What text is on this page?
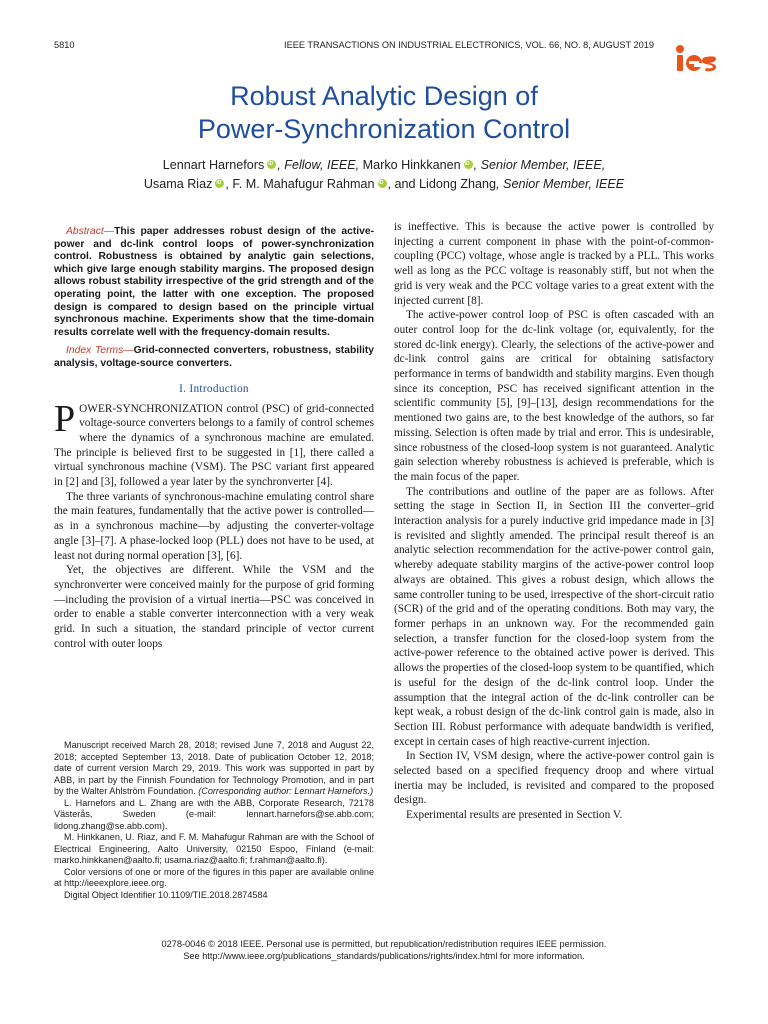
5810	IEEE TRANSACTIONS ON INDUSTRIAL ELECTRONICS, VOL. 66, NO. 8, AUGUST 2019
Robust Analytic Design of
Power-Synchronization Control
Lennart Harnefors iD , Fellow, IEEE, Marko Hinkkanen iD , Senior Member, IEEE,
Usama Riaz iD , F. M. Mahafugur Rahman iD , and Lidong Zhang, Senior Member, IEEE
Abstract—This paper addresses robust design of the active-power and dc-link control loops of power-synchronization control. Robustness is obtained by analytic gain selections, which give large enough stability margins. The proposed design allows robust stability irrespective of the grid strength and of the operating point, the latter with one exception. The proposed design is compared to design based on the principle virtual synchronous machine. Experiments show that the time-domain results correlate well with the frequency-domain results.
Index Terms—Grid-connected converters, robustness, stability analysis, voltage-source converters.
I. Introduction

POWER-SYNCHRONIZATION control (PSC) of grid-connected voltage-source converters belongs to a family of control schemes where the dynamics of a synchronous machine are emulated. The principle is believed first to be suggested in [1], there called a virtual synchronous machine (VSM). The PSC variant first appeared in [2] and [3], followed a year later by the synchronverter [4].

The three variants of synchronous-machine emulating control share the main features, fundamentally that the active power is controlled—as in a synchronous machine—by adjusting the converter-voltage angle [3]–[7]. A phase-locked loop (PLL) does not have to be used, at least not during normal operation [3], [6].

Yet, the objectives are different. While the VSM and the synchronverter were conceived mainly for the purpose of grid forming—including the provision of a virtual inertia—PSC was conceived in order to enable a stable converter interconnection with a very weak grid. In such a situation, the standard principle of vector current control with outer loops

Manuscript received March 28, 2018; revised June 7, 2018 and August 22, 2018; accepted September 13, 2018. Date of publication October 12, 2018; date of current version March 29, 2019. This work was supported in part by ABB, in part by the Finnish Foundation for Technology Promotion, and in part by the Walter Ahlström Foundation. (Corresponding author: Lennart Harnefors.)

L. Harnefors and L. Zhang are with the ABB, Corporate Research, 72178 Västerås, Sweden (e-mail: lennart.harnefors@se.abb.com; lidong.zhang@se.abb.com).

M. Hinkkanen, U. Riaz, and F. M. Mahafugur Rahman are with the School of Electrical Engineering, Aalto University, 02150 Espoo, Finland (e-mail: marko.hinkkanen@aalto.fi; usama.riaz@aalto.fi; f.rahman@aalto.fi).

Color versions of one or more of the figures in this paper are available online at http://ieeexplore.ieee.org.

Digital Object Identifier 10.1109/TIE.2018.2874584

is ineffective. This is because the active power is controlled by injecting a current component in phase with the point-of-common-coupling (PCC) voltage, whose angle is tracked by a PLL. This works well as long as the PCC voltage is reasonably stiff, but not when the grid is very weak and the PCC voltage varies to a great extent with the injected current [8].

The active-power control loop of PSC is often cascaded with an outer control loop for the dc-link voltage (or, equivalently, for the stored dc-link energy). Clearly, the selections of the active-power and dc-link control gains are critical for obtaining satisfactory performance in terms of bandwidth and stability margins. Even though since its conception, PSC has received significant attention in the scientific community [5], [9]–[13], design recommendations for the mentioned two gains are, to the best knowledge of the authors, so far missing. Selection is often made by trial and error. This is undesirable, since robustness of the closed-loop system is not guaranteed. Analytic gain selection whereby robustness is achieved is preferable, which is the main focus of the paper.

The contributions and outline of the paper are as follows. After setting the stage in Section II, in Section III the converter–grid interaction analysis for a purely inductive grid impedance made in [3] is revisited and slightly amended. The principal result thereof is an analytic selection recommendation for the active-power control gain, whereby adequate stability margins of the active-power control loop always are obtained. This gives a robust design, which allows the same controller tuning to be used, irrespective of the short-circuit ratio (SCR) of the grid and of the operating conditions. Both may vary, the former perhaps in an unknown way. For the recommended gain selection, a transfer function for the closed-loop system from the active-power reference to the obtained active power is derived. This allows the properties of the closed-loop system to be quantified, which is useful for the design of the dc-link control loop. Under the assumption that the integral action of the dc-link controller can be kept weak, a robust design of the dc-link control gain is made, also in Section III. Robust performance with adequate bandwidth is verified, except in certain cases of high reactive-current injection.

In Section IV, VSM design, where the active-power control gain is selected based on a specified frequency droop and where virtual inertia may be included, is revisited and compared to the proposed design.

Experimental results are presented in Section V.

0278-0046 © 2018 IEEE. Personal use is permitted, but republication/redistribution requires IEEE permission.
See http://www.ieee.org/publications_standards/publications/rights/index.html for more information.
